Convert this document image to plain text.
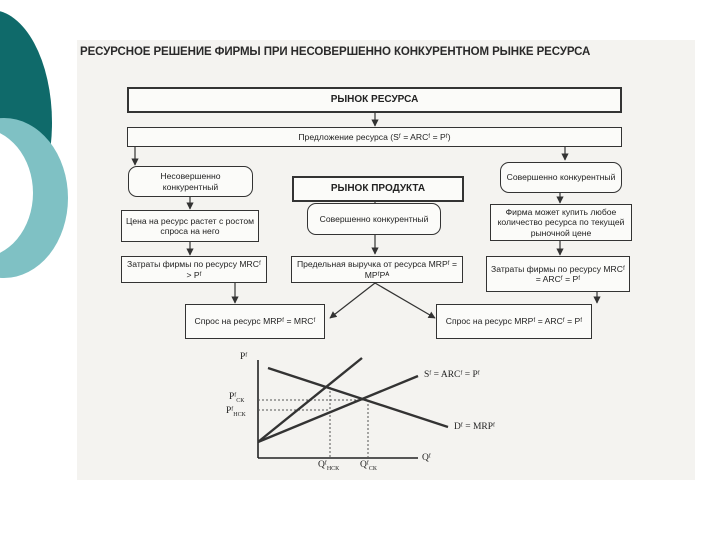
РЕСУРСНОЕ РЕШЕНИЕ ФИРМЫ ПРИ НЕСОВЕРШЕННО КОНКУРЕНТНОМ РЫНКЕ РЕСУРСА
РЫНОК РЕСУРСА
Предложение ресурса (Sᶠ = ARCᶠ = Pᶠ)
Несовершенно конкурентный
Цена на ресурс растет с ростом спроса на него
Затраты фирмы по ресурсу MRCᶠ > Pᶠ
Спрос на ресурс MRPᶠ = MRCᶠ
РЫНОК ПРОДУКТА
Совершенно конкурентный
Предельная выручка от ресурса MRPᶠ = MPᶠPᴬ
Совершенно конкурентный
Фирма может купить любое количество ресурса по текущей рыночной цене
Затраты фирмы по ресурсу MRCᶠ = ARCᶠ = Pᶠ
Спрос на ресурс MRPᶠ = ARCᶠ = Pᶠ
Pᶠ
Qᶠ
Sᶠ = ARCᶠ = Pᶠ
Dᶠ = MRPᶠ
Pᶠ$_{СК}$
Pᶠ$_{НСК}$
Qᶠ$_{НСК}$ Qᶠ$_{СК}$
